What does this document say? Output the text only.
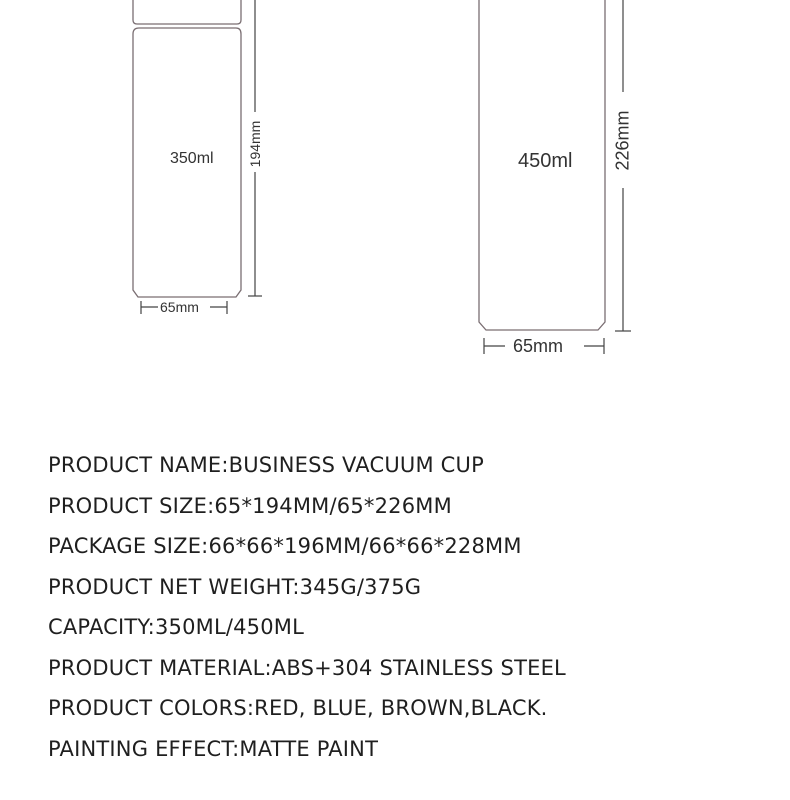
350ml 194mm
65mm
450ml 226mm
65mm
PRODUCT NAME:BUSINESS VACUUM CUP
PRODUCT SIZE:65*194MM/65*226MM
PACKAGE SIZE:66*66*196MM/66*66*228MM
PRODUCT NET WEIGHT:345G/375G
CAPACITY:350ML/450ML
PRODUCT MATERIAL:ABS+304 STAINLESS STEEL
PRODUCT COLORS:RED, BLUE, BROWN,BLACK.
PAINTING EFFECT:MATTE PAINT
